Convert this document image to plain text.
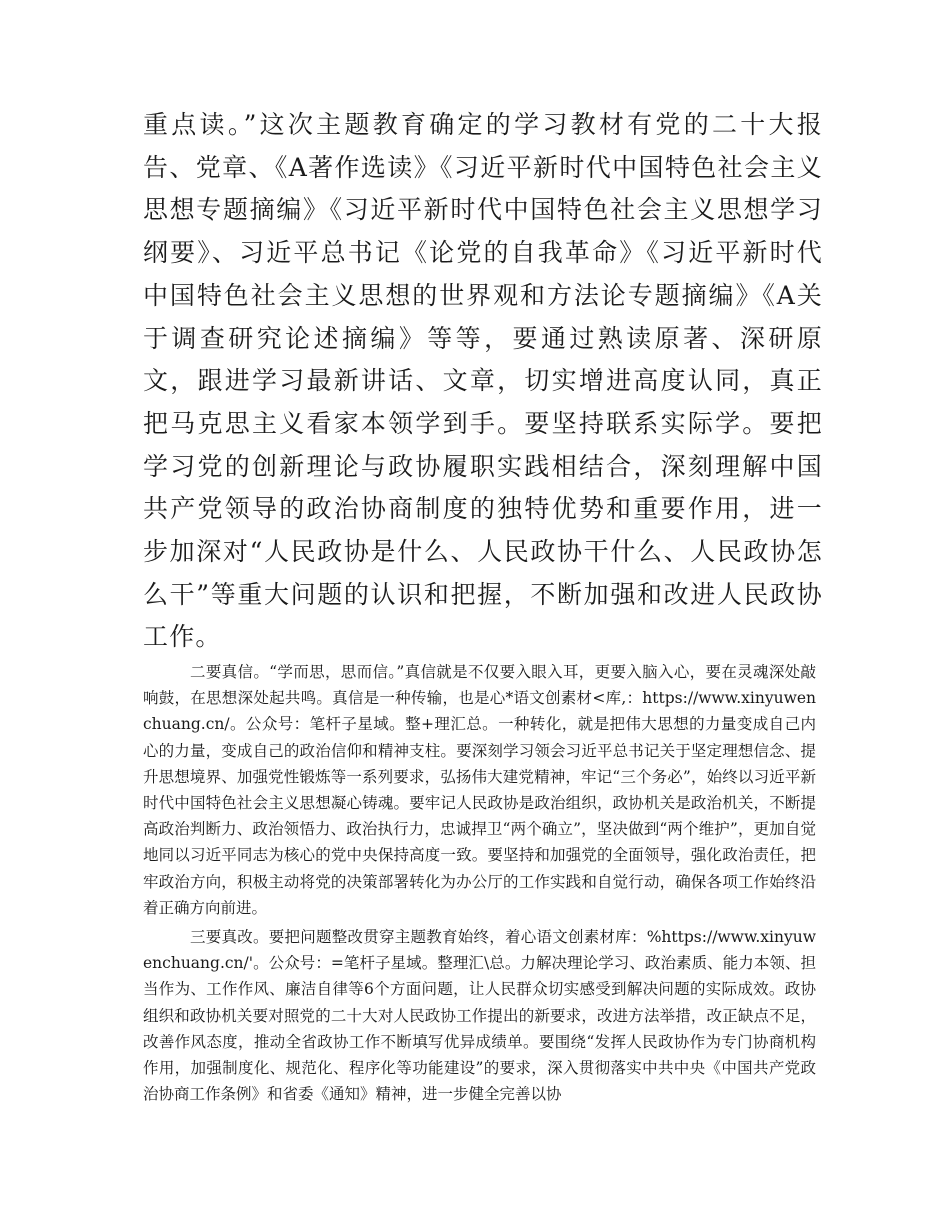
重点读。”这次主题教育确定的学习教材有党的二十大报告、党章、《A著作选读》《习近平新时代中国特色社会主义思想专题摘编》《习近平新时代中国特色社会主义思想学习纲要》、习近平总书记《论党的自我革命》《习近平新时代中国特色社会主义思想的世界观和方法论专题摘编》《A关于调查研究论述摘编》等等，要通过熟读原著、深研原文，跟进学习最新讲话、文章，切实增进高度认同，真正把马克思主义看家本领学到手。要坚持联系实际学。要把学习党的创新理论与政协履职实践相结合，深刻理解中国共产党领导的政治协商制度的独特优势和重要作用，进一步加深对“人民政协是什么、人民政协干什么、人民政协怎么干”等重大问题的认识和把握，不断加强和改进人民政协工作。

二要真信。“学而思，思而信。”真信就是不仅要入眼入耳，更要入脑入心，要在灵魂深处敲响鼓，在思想深处起共鸣。真信是一种传输，也是心*语文创素材<库,：https://www.xinyuwenchuang.cn/。公众号：笔杆子星域。整+理汇总。一种转化，就是把伟大思想的力量变成自己内心的力量，变成自己的政治信仰和精神支柱。要深刻学习领会习近平总书记关于坚定理想信念、提升思想境界、加强党性锻炼等一系列要求，弘扬伟大建党精神，牢记“三个务必”，始终以习近平新时代中国特色社会主义思想凝心铸魂。要牢记人民政协是政治组织，政协机关是政治机关，不断提高政治判断力、政治领悟力、政治执行力，忠诚捍卫“两个确立”，坚决做到“两个维护”，更加自觉地同以习近平同志为核心的党中央保持高度一致。要坚持和加强党的全面领导，强化政治责任，把牢政治方向，积极主动将党的决策部署转化为办公厅的工作实践和自觉行动，确保各项工作始终沿着正确方向前进。

三要真改。要把问题整改贯穿主题教育始终，着心语文创素材库：%https://www.xinyuwenchuang.cn/'。公众号：=笔杆子星域。整理汇\总。力解决理论学习、政治素质、能力本领、担当作为、工作作风、廉洁自律等6个方面问题，让人民群众切实感受到解决问题的实际成效。政协组织和政协机关要对照党的二十大对人民政协工作提出的新要求，改进方法举措，改正缺点不足，改善作风态度，推动全省政协工作不断填写优异成绩单。要围绕“发挥人民政协作为专门协商机构作用，加强制度化、规范化、程序化等功能建设”的要求，深入贯彻落实中共中央《中国共产党政治协商工作条例》和省委《通知》精神，进一步健全完善以协
